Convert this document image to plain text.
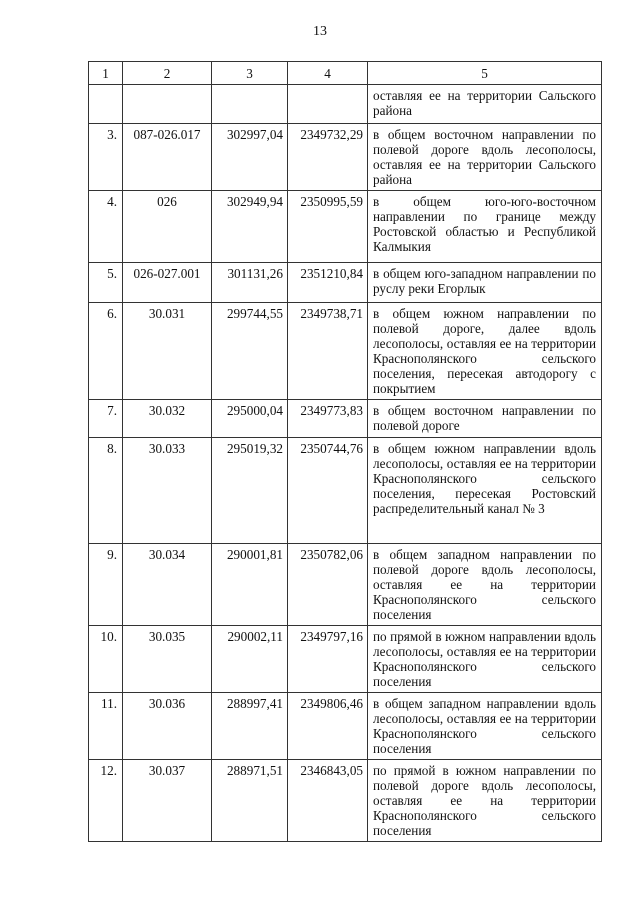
13
1	2	3	4	5
				оставляя ее на территории Сальского района
3.	087-026.017	302997,04	2349732,29	в общем восточном направлении по полевой дороге вдоль лесополосы, оставляя ее на территории Сальского района
4.	026	302949,94	2350995,59	в общем юго-юго-восточном направлении по границе между Ростовской областью и Республикой Калмыкия
5.	026-027.001	301131,26	2351210,84	в общем юго-западном направлении по руслу реки Егорлык
6.	30.031	299744,55	2349738,71	в общем южном направлении по полевой дороге, далее вдоль лесополосы, оставляя ее на территории Краснополянского сельского поселения, пересекая автодорогу с покрытием
7.	30.032	295000,04	2349773,83	в общем восточном направлении по полевой дороге
8.	30.033	295019,32	2350744,76	в общем южном направлении вдоль лесополосы, оставляя ее на территории Краснополянского сельского поселения, пересекая Ростовский распределительный канал № 3
9.	30.034	290001,81	2350782,06	в общем западном направлении по полевой дороге вдоль лесополосы, оставляя ее на территории Краснополянского сельского поселения
10.	30.035	290002,11	2349797,16	по прямой в южном направлении вдоль лесополосы, оставляя ее на территории Краснополянского сельского поселения
11.	30.036	288997,41	2349806,46	в общем западном направлении вдоль лесополосы, оставляя ее на территории Краснополянского сельского поселения
12.	30.037	288971,51	2346843,05	по прямой в южном направлении по полевой дороге вдоль лесополосы, оставляя ее на территории Краснополянского сельского поселения
